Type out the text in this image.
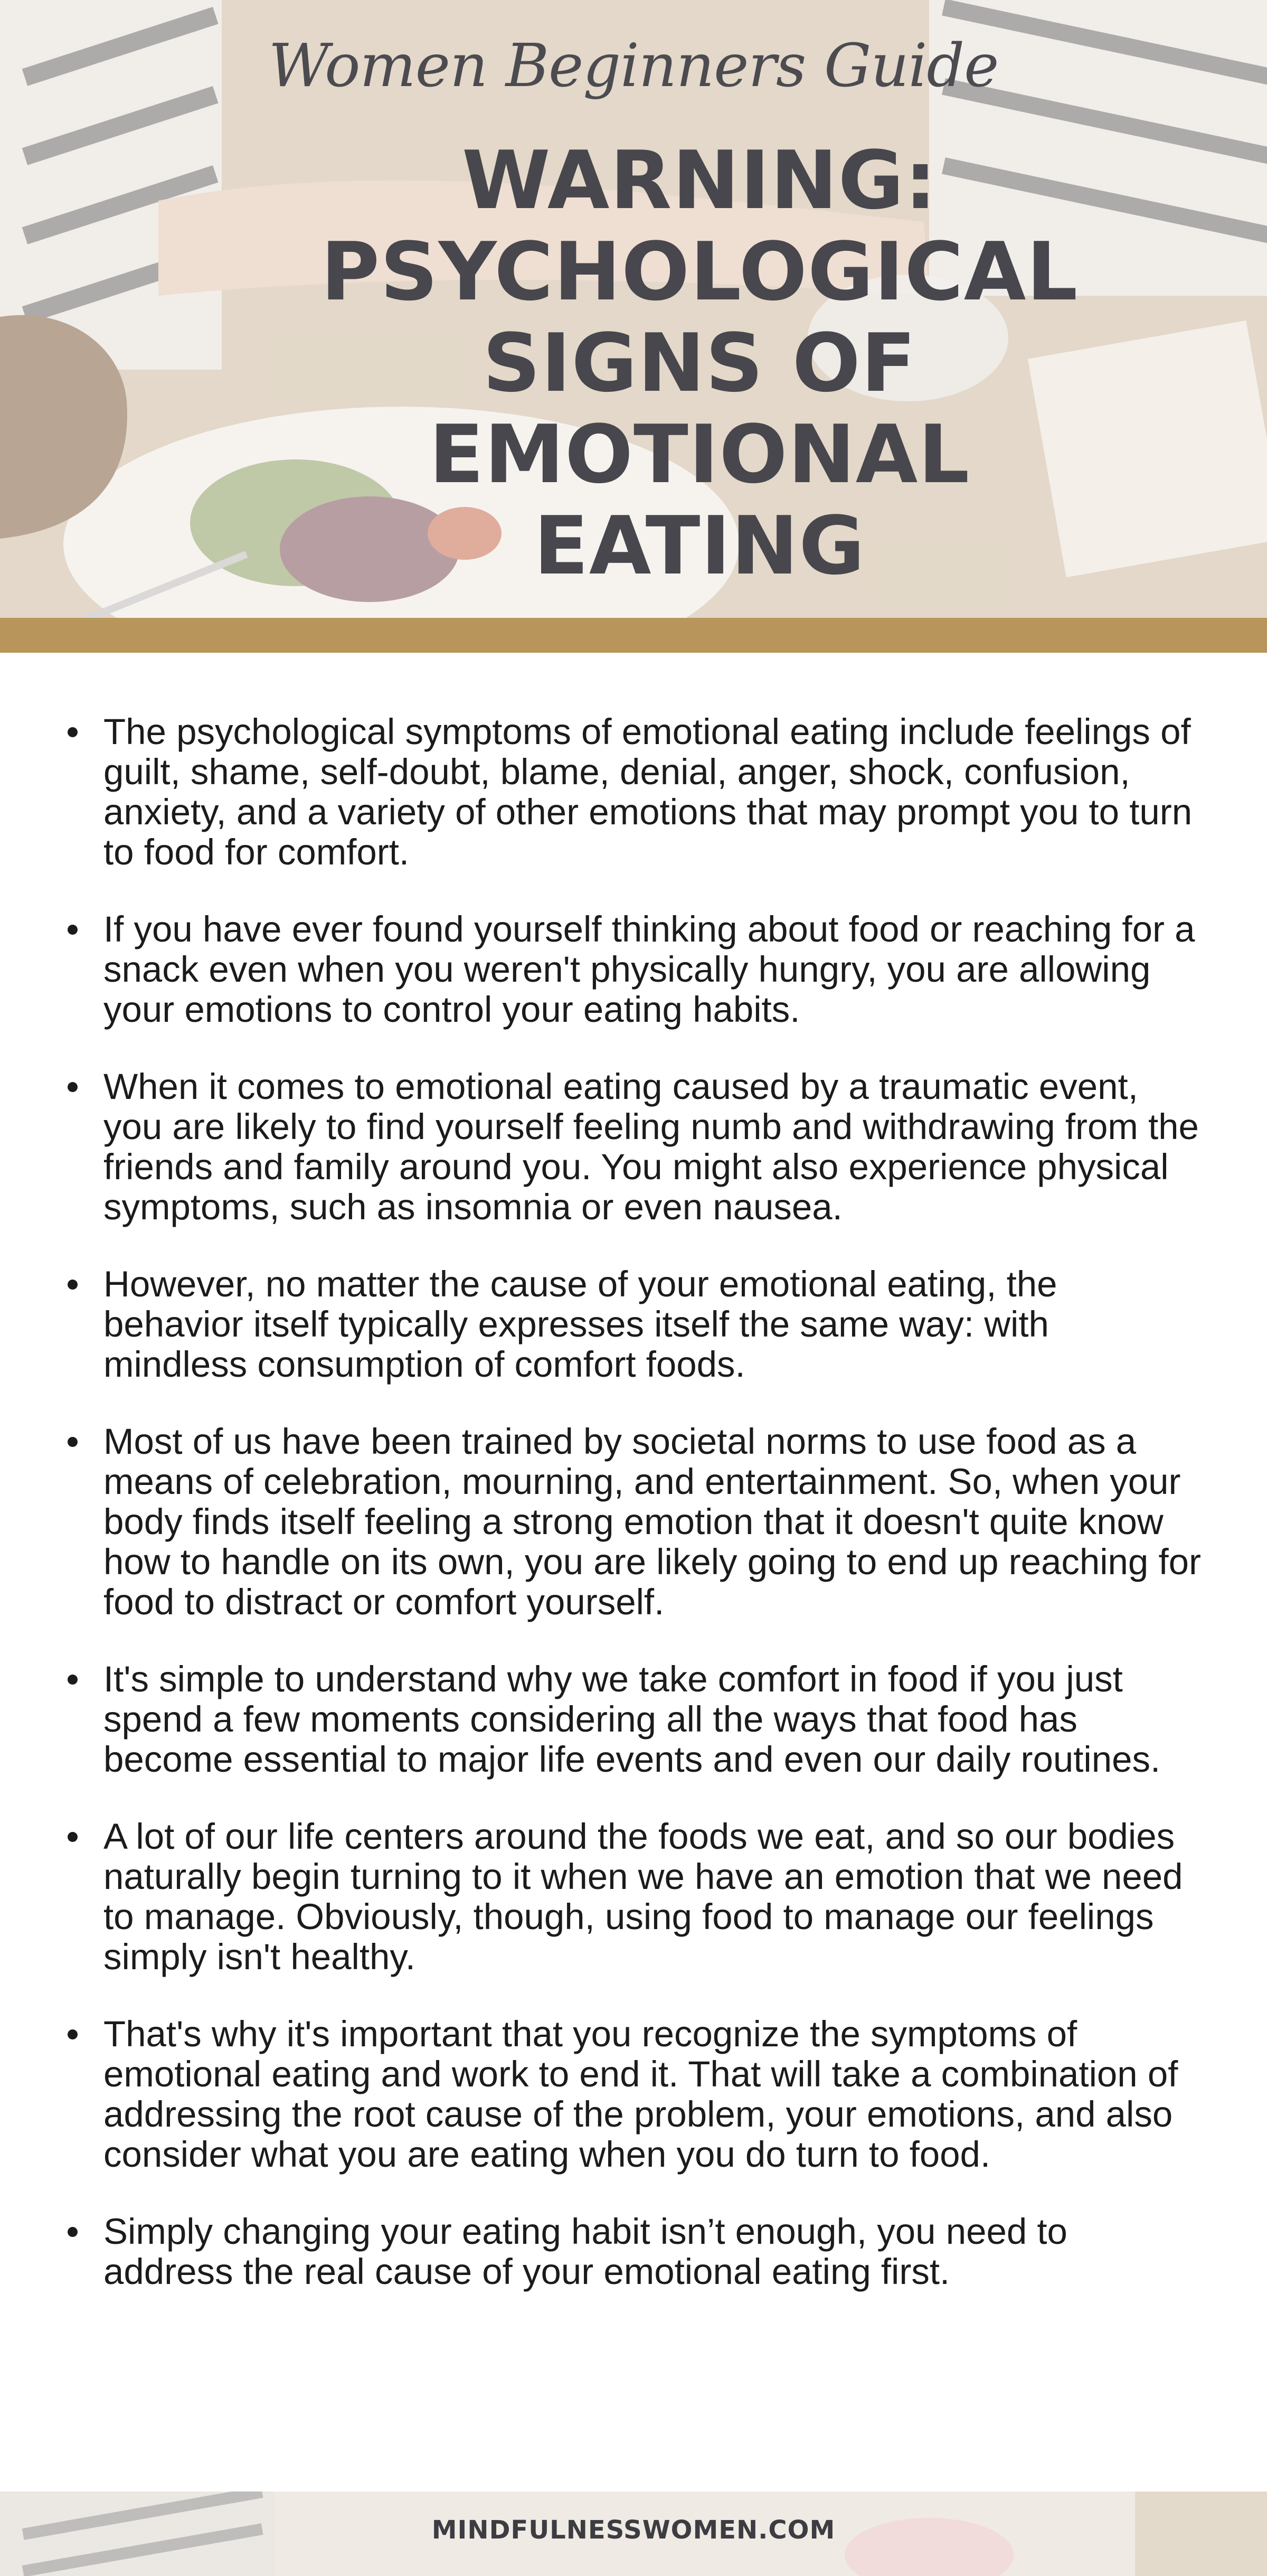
Women Beginners Guide
WARNING:
PSYCHOLOGICAL
SIGNS OF
EMOTIONAL
EATING
The psychological symptoms of emotional eating include feelings of guilt, shame, self-doubt, blame, denial, anger, shock, confusion, anxiety, and a variety of other emotions that may prompt you to turn to food for comfort.
If you have ever found yourself thinking about food or reaching for a snack even when you weren't physically hungry, you are allowing your emotions to control your eating habits.
When it comes to emotional eating caused by a traumatic event, you are likely to find yourself feeling numb and withdrawing from the friends and family around you. You might also experience physical symptoms, such as insomnia or even nausea.
However, no matter the cause of your emotional eating, the behavior itself typically expresses itself the same way: with mindless consumption of comfort foods.
Most of us have been trained by societal norms to use food as a means of celebration, mourning, and entertainment. So, when your body finds itself feeling a strong emotion that it doesn't quite know how to handle on its own, you are likely going to end up reaching for food to distract or comfort yourself.
It's simple to understand why we take comfort in food if you just spend a few moments considering all the ways that food has become essential to major life events and even our daily routines.
A lot of our life centers around the foods we eat, and so our bodies naturally begin turning to it when we have an emotion that we need to manage. Obviously, though, using food to manage our feelings simply isn't healthy.
That's why it's important that you recognize the symptoms of emotional eating and work to end it. That will take a combination of addressing the root cause of the problem, your emotions, and also consider what you are eating when you do turn to food.
Simply changing your eating habit isn’t enough, you need to address the real cause of your emotional eating first.
MINDFULNESSWOMEN.COM
